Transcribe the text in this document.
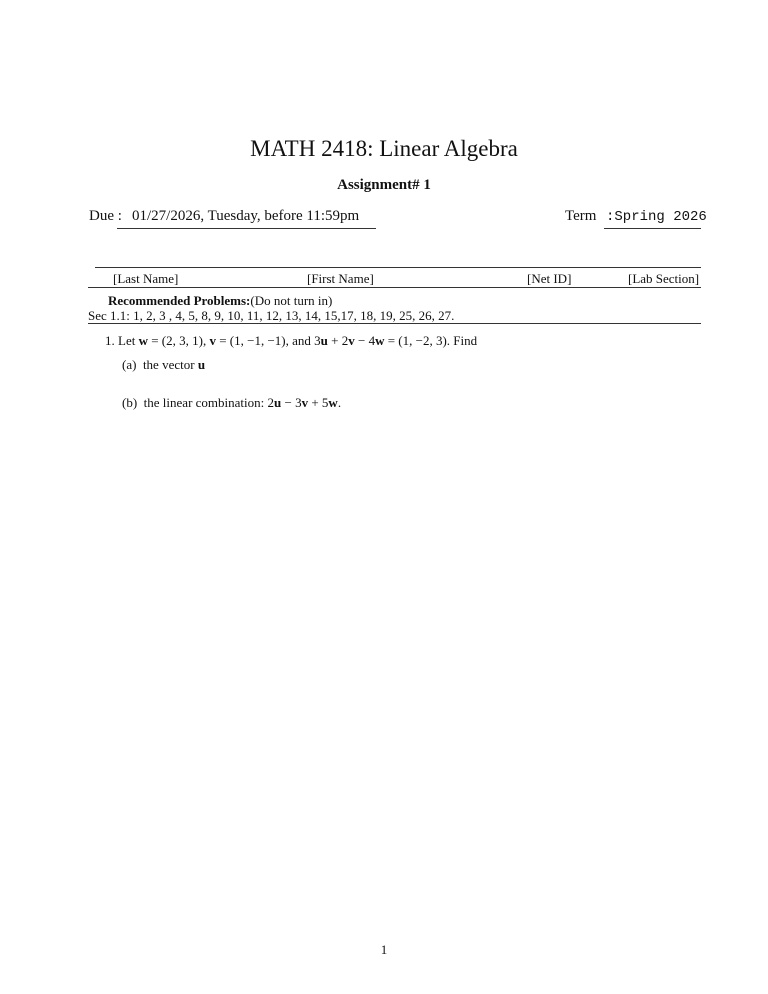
MATH 2418: Linear Algebra
Assignment# 1
Due : 01/27/2026, Tuesday, before 11:59pm	Term :Spring 2026
[Last Name]	[First Name]	[Net ID]	[Lab Section]
Recommended Problems:(Do not turn in)
Sec 1.1: 1, 2, 3 , 4, 5, 8, 9, 10, 11, 12, 13, 14, 15,17, 18, 19, 25, 26, 27.
1. Let w = (2, 3, 1), v = (1, −1, −1), and 3u + 2v − 4w = (1, −2, 3). Find
(a) the vector u
(b) the linear combination: 2u − 3v + 5w.
1
